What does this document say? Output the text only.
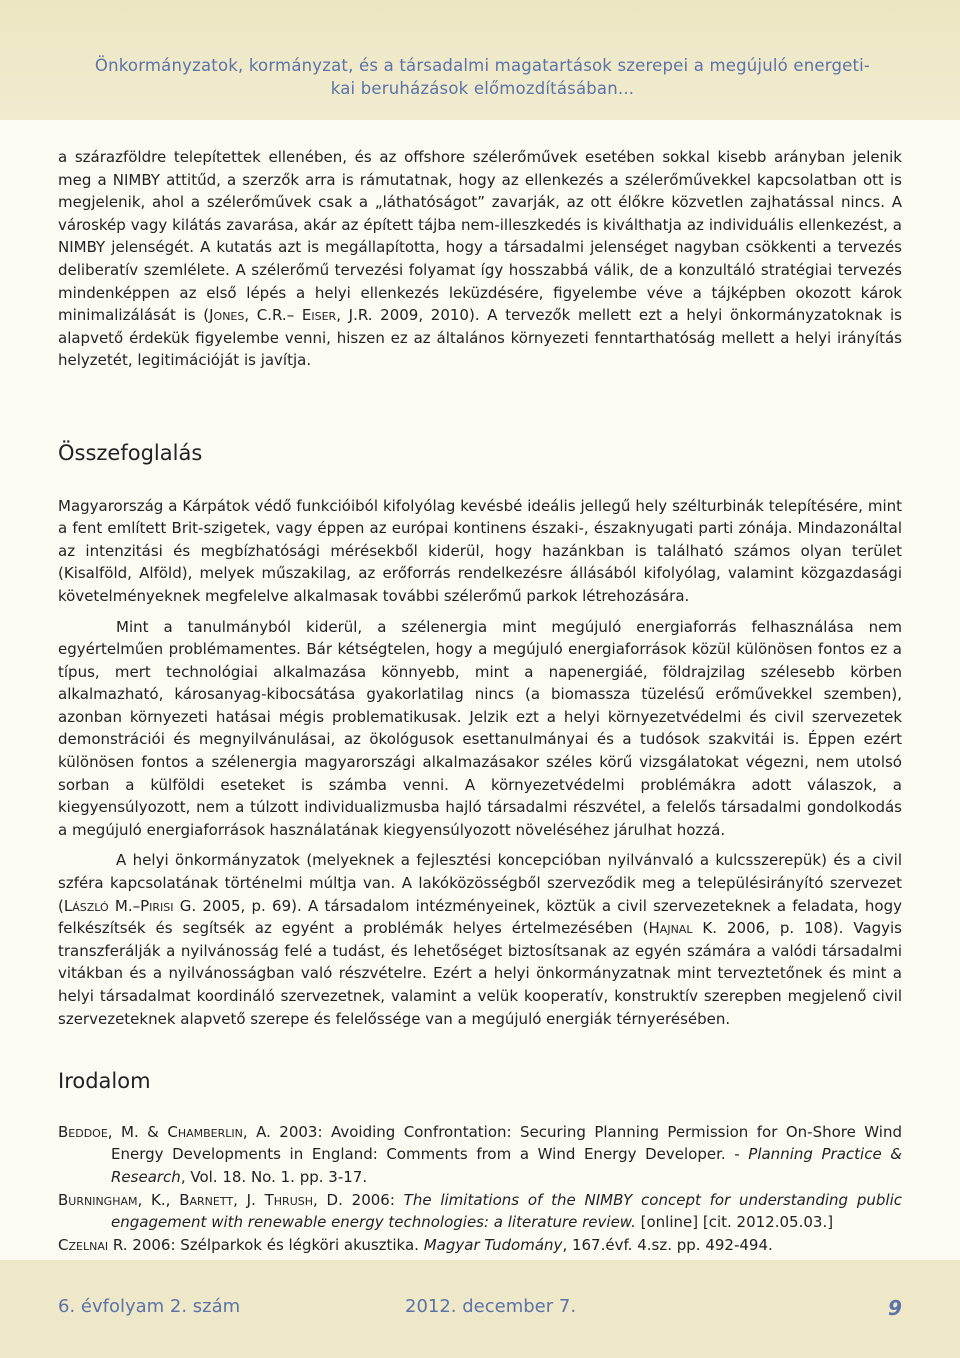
Önkormányzatok, kormányzat, és a társadalmi magatartások szerepei a megújuló energeti-
kai beruházások előmozdításában...

a szárazföldre telepítettek ellenében, és az offshore szélerőművek esetében sokkal kisebb arányban jelenik meg a NIMBY attitűd, a szerzők arra is rámutatnak, hogy az ellenkezés a szélerőművekkel kapcsolatban ott is megjelenik, ahol a szélerőművek csak a „láthatóságot” zavarják, az ott élőkre közvetlen zajhatással nincs. A városkép vagy kilátás zavarása, akár az épített tájba nem-illeszkedés is kiválthatja az individuális ellenkezést, a NIMBY jelenségét. A kutatás azt is megállapította, hogy a társadalmi jelenséget nagyban csökkenti a tervezés deliberatív szemlélete. A szélerőmű tervezési folyamat így hosszabbá válik, de a konzultáló stratégiai tervezés mindenképpen az első lépés a helyi ellenkezés leküzdésére, figyelembe véve a tájképben okozott károk minimalizálását is (Jones, C.R.– Eiser, J.R. 2009, 2010). A tervezők mellett ezt a helyi önkormányzatoknak is alapvető érdekük figyelembe venni, hiszen ez az általános környezeti fenntarthatóság mellett a helyi irányítás helyzetét, legitimációját is javítja.

Összefoglalás

Magyarország a Kárpátok védő funkcióiból kifolyólag kevésbé ideális jellegű hely szélturbinák telepítésére, mint a fent említett Brit-szigetek, vagy éppen az európai kontinens északi-, északnyugati parti zónája. Mindazonáltal az intenzitási és megbízhatósági mérésekből kiderül, hogy hazánkban is található számos olyan terület (Kisalföld, Alföld), melyek műszakilag, az erőforrás rendelkezésre állásából kifolyólag, valamint közgazdasági követelményeknek megfelelve alkalmasak további szélerőmű parkok létrehozására.

Mint a tanulmányból kiderül, a szélenergia mint megújuló energiaforrás felhasználása nem egyértelműen problémamentes. Bár kétségtelen, hogy a megújuló energiaforrások közül különösen fontos ez a típus, mert technológiai alkalmazása könnyebb, mint a napenergiáé, földrajzilag szélesebb körben alkalmazható, károsanyag-kibocsátása gyakorlatilag nincs (a biomassza tüzelésű erőművekkel szemben), azonban környezeti hatásai mégis problematikusak. Jelzik ezt a helyi környezetvédelmi és civil szervezetek demonstrációi és megnyilvánulásai, az ökológusok esettanulmányai és a tudósok szakvitái is. Éppen ezért különösen fontos a szélenergia magyarországi alkalmazásakor széles körű vizsgálatokat végezni, nem utolsó sorban a külföldi eseteket is számba venni. A környezetvédelmi problémákra adott válaszok, a kiegyensúlyozott, nem a túlzott individualizmusba hajló társadalmi részvétel, a felelős társadalmi gondolkodás a megújuló energiaforrások használatának kiegyensúlyozott növeléséhez járulhat hozzá.

A helyi önkormányzatok (melyeknek a fejlesztési koncepcióban nyilvánvaló a kulcsszerepük) és a civil szféra kapcsolatának történelmi múltja van. A lakóközösségből szerveződik meg a településirányító szervezet (László M.–Pirisi G. 2005, p. 69). A társadalom intézményeinek, köztük a civil szervezeteknek a feladata, hogy felkészítsék és segítsék az egyént a problémák helyes értelmezésében (Hajnal K. 2006, p. 108). Vagyis transzferálják a nyilvánosság felé a tudást, és lehetőséget biztosítsanak az egyén számára a valódi társadalmi vitákban és a nyilvánosságban való részvételre. Ezért a helyi önkormányzatnak mint terveztetőnek és mint a helyi társadalmat koordináló szervezetnek, valamint a velük kooperatív, konstruktív szerepben megjelenő civil szervezeteknek alapvető szerepe és felelőssége van a megújuló energiák térnyerésében.

Irodalom

Beddoe, M. & Chamberlin, A. 2003: Avoiding Confrontation: Securing Planning Permission for On-Shore Wind Energy Developments in England: Comments from a Wind Energy Developer. - Planning Practice & Research, Vol. 18. No. 1. pp. 3-17.

Burningham, K., Barnett, J. Thrush, D. 2006: The limitations of the NIMBY concept for understanding public engagement with renewable energy technologies: a literature review. [online] [cit. 2012.05.03.]

Czelnai R. 2006: Szélparkok és légköri akusztika. Magyar Tudomány, 167.évf. 4.sz. pp. 492-494.

6. évfolyam 2. szám	2012. december 7.	9
